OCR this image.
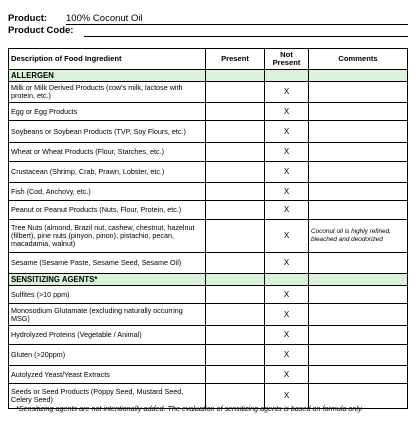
Product: 100% Coconut Oil
Product Code:
Description of Food Ingredient	Present	Not Present	Comments
ALLERGEN			
Milk or Milk Derived Products (cow's milk, lactose with protein, etc.)		X	
Egg or Egg Products		X	
Soybeans or Soybean Products (TVP, Soy Flours, etc.)		X	
Wheat or Wheat Products (Flour, Starches, etc.)		X	
Crustacean (Shrimp, Crab, Prawn, Lobster, etc.)		X	
Fish (Cod, Anchovy, etc.)		X	
Peanut or Peanut Products (Nuts, Flour, Protein, etc.)		X	
Tree Nuts (almond, Brazil nut, cashew, chestnut, hazelnut (filbert), pine nuts (pinyon, pinon), pistachio, pecan, macadamia, walnut)		X	Coconut oil is highly refined, bleached and deodorized
Sesame (Sesame Paste, Sesame Seed, Sesame Oil)		X	
SENSITIZING AGENTS*			
Sulfites (>10 ppm)		X	
Monosodium Glutamate (excluding naturally occurring MSG)		X	
Hydrolyzed Proteins (Vegetable / Animal)		X	
Gluten (>20ppm)		X	
Autolyzed Yeast/Yeast Extracts		X	
Seeds or Seed Products (Poppy Seed, Mustard Seed, Celery Seed)		X	
*Sensitizing agents are not intentionally added. The evaluation of sensitizing agents is based on formula only.
